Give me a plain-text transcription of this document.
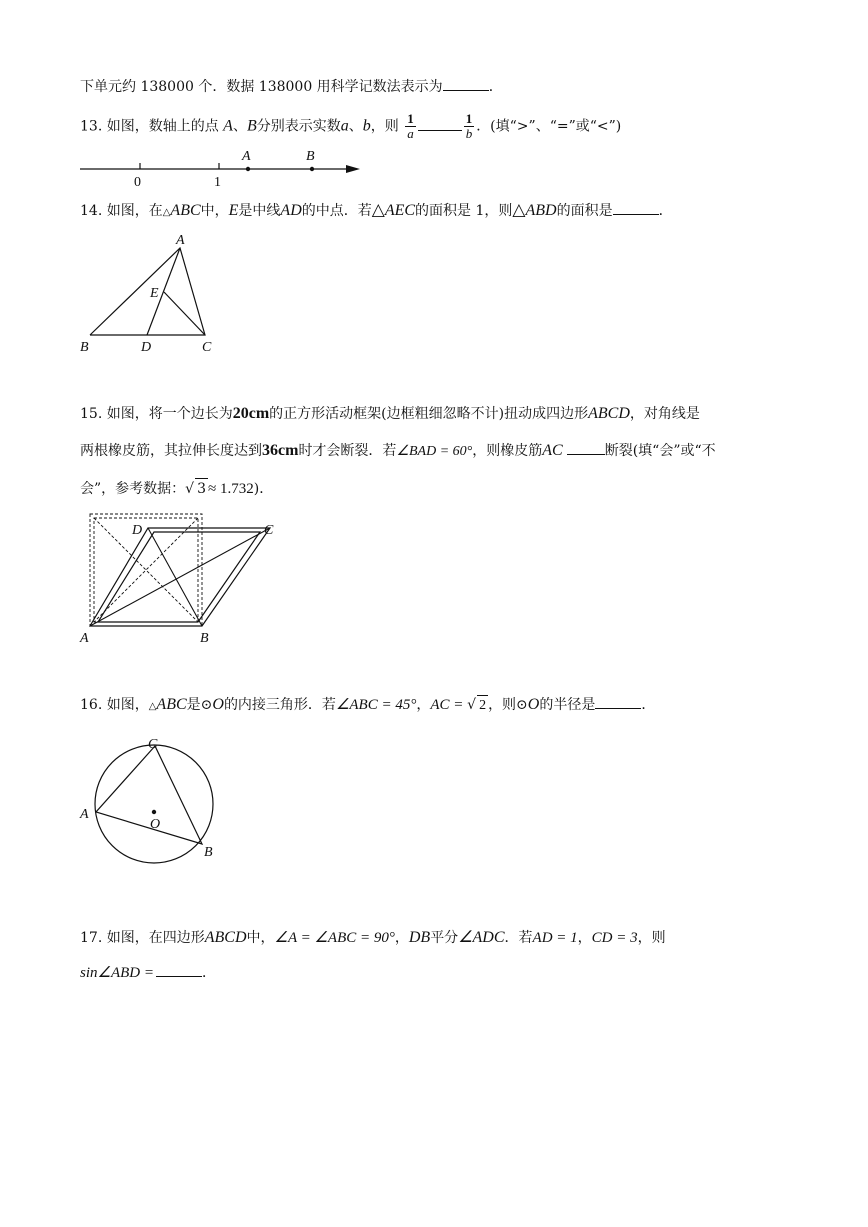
下单元约 138000 个．数据 138000 用科学记数法表示为	．
13. 如图，数轴上的点 A、B分别表示实数a、b，则 $\frac{1}{a}$	$\frac{1}{b}$ ．(填“>”、“=”或“<”)
0	1
A	B
14. 如图，在△ABC中，E是中线AD的中点．若△AEC的面积是 1，则△ABD的面积是	．
A
B	C
D
E
15. 如图，将一个边长为20cm的正方形活动框架(边框粗细忽略不计)扭动成四边形ABCD，对角线是
两根橡皮筋，其拉伸长度达到36cm时才会断裂．若∠BAD = 60°，则橡皮筋AC	断裂(填“会”或“不
会”，参考数据：√ 3 ≈ 1.732)．
A	B
C
D
16. 如图，△ABC是⊙O的内接三角形．若∠ABC = 45°，AC = √ 2 ，则⊙O的半径是	．
C
A
B
O
17. 如图，在四边形ABCD中，∠A = ∠ABC = 90°，DB平分∠ADC．若AD = 1，CD = 3，则
sin∠ABD =	．
